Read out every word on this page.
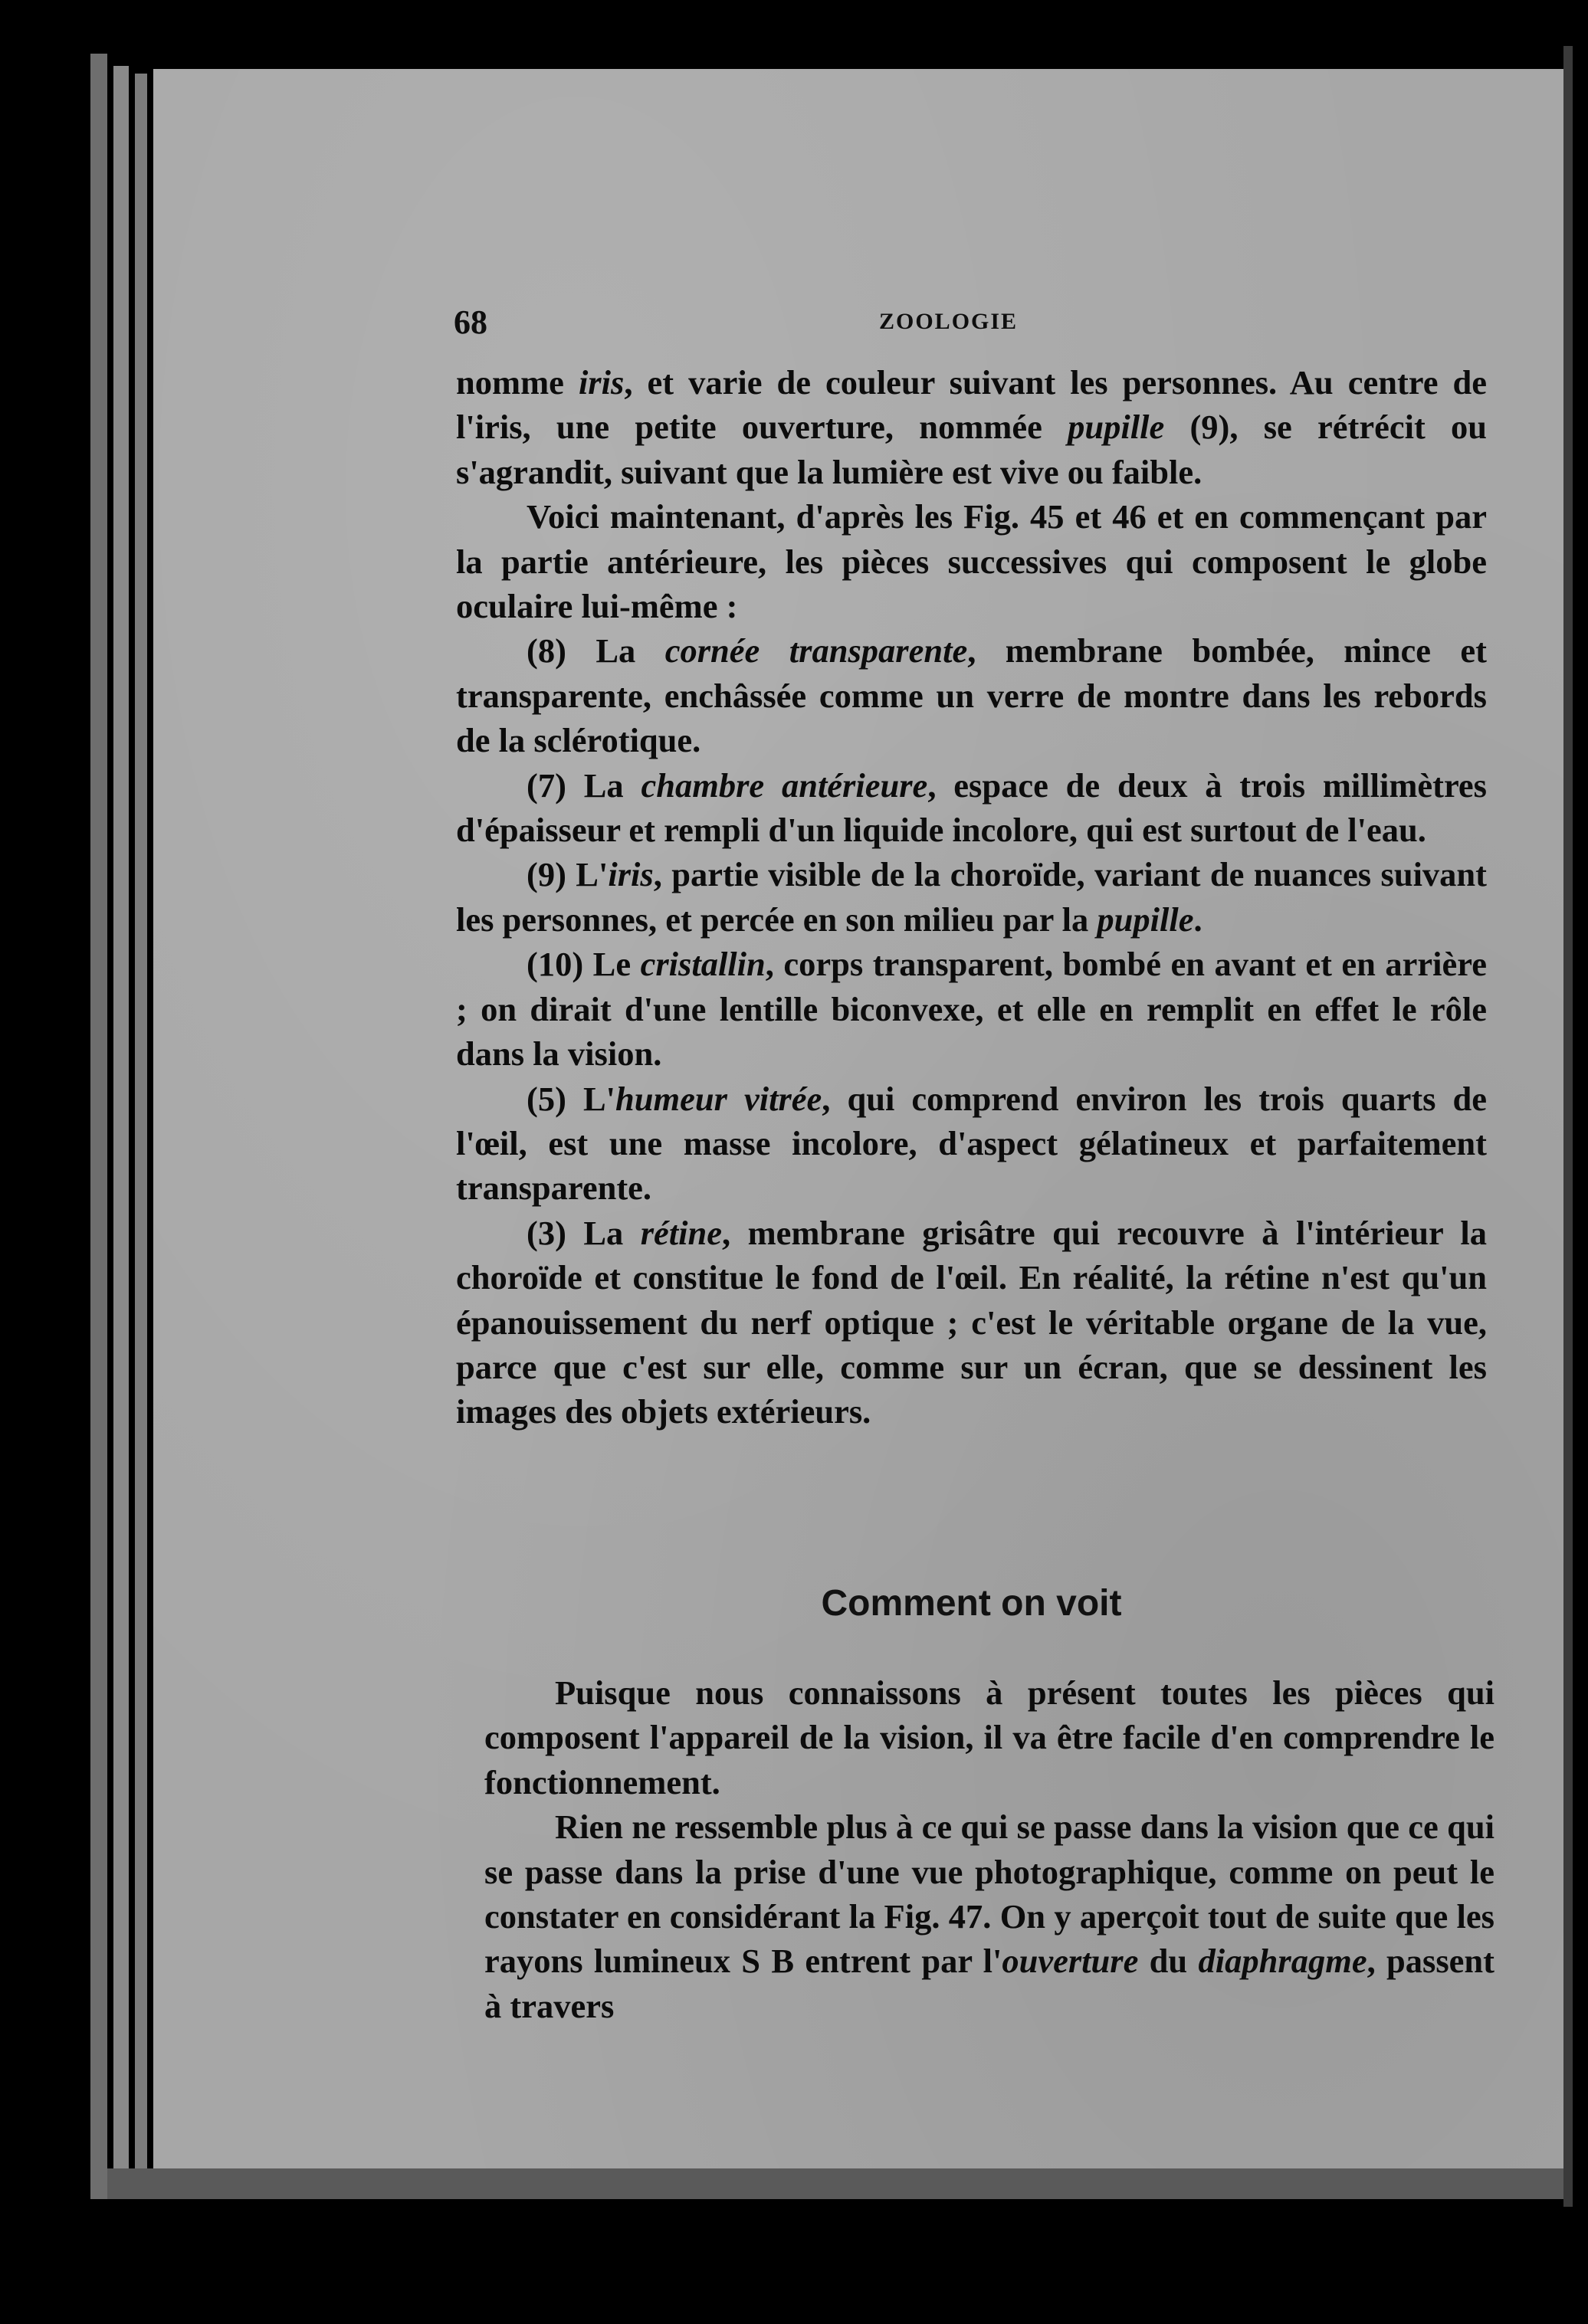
68	ZOOLOGIE

nomme iris, et varie de couleur suivant les personnes. Au centre de l'iris, une petite ouverture, nommée pupille (9), se rétrécit ou s'agrandit, suivant que la lumière est vive ou faible.

Voici maintenant, d'après les Fig. 45 et 46 et en commençant par la partie antérieure, les pièces successives qui composent le globe oculaire lui-même :

(8) La cornée transparente, membrane bombée, mince et transparente, enchâssée comme un verre de montre dans les rebords de la sclérotique.

(7) La chambre antérieure, espace de deux à trois millimètres d'épaisseur et rempli d'un liquide incolore, qui est surtout de l'eau.

(9) L'iris, partie visible de la choroïde, variant de nuances suivant les personnes, et percée en son milieu par la pupille.

(10) Le cristallin, corps transparent, bombé en avant et en arrière ; on dirait d'une lentille biconvexe, et elle en remplit en effet le rôle dans la vision.

(5) L'humeur vitrée, qui comprend environ les trois quarts de l'œil, est une masse incolore, d'aspect gélatineux et parfaitement transparente.

(3) La rétine, membrane grisâtre qui recouvre à l'intérieur la choroïde et constitue le fond de l'œil. En réalité, la rétine n'est qu'un épanouissement du nerf optique ; c'est le véritable organe de la vue, parce que c'est sur elle, comme sur un écran, que se dessinent les images des objets extérieurs.

Comment on voit

Puisque nous connaissons à présent toutes les pièces qui composent l'appareil de la vision, il va être facile d'en comprendre le fonctionnement.

Rien ne ressemble plus à ce qui se passe dans la vision que ce qui se passe dans la prise d'une vue photographique, comme on peut le constater en considérant la Fig. 47. On y aperçoit tout de suite que les rayons lumineux S B entrent par l'ouverture du diaphragme, passent à travers
